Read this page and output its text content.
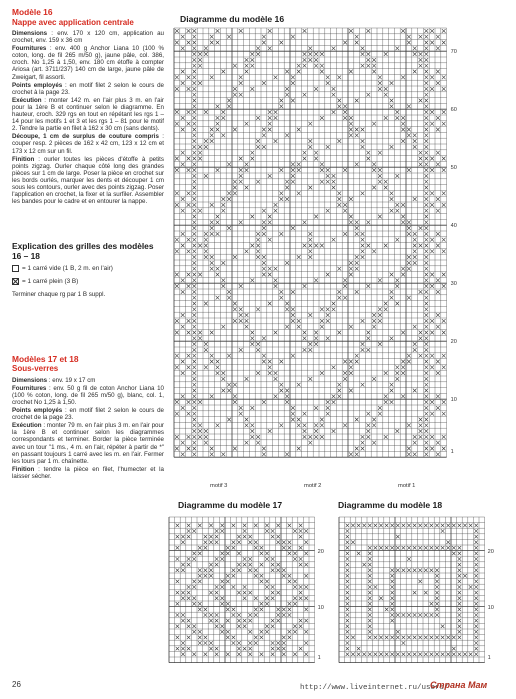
Modèle 16
Nappe avec application centrale

Dimensions : env. 170 x 120 cm, application au crochet, env. 159 x 36 cm

Fournitures : env. 400 g Anchor Liana 10 (100 % coton, long. de fil 265 m/50 g), jaune pâle, col. 386, croch. No 1,25 à 1,50, env. 180 cm étoffe à compter Ariosa (art. 3711/237) 140 cm de large, jaune pâle de Zweigart, fil assorti.

Points employés : en motif filet 2 selon le cours de crochet à la page 23.

Exécution : monter 142 m. en l'air plus 3 m. en l'air pour la 1ère B et continuer selon le diagramme. En hauteur, croch. 329 rgs en tout en répétant les rgs 1 – 14 pour les motifs 1 et 3 et les rgs 1 – 81 pour le motif 2. Tendre la partie en filet à 162 x 30 cm (sans dents).

Découpe, 1 cm de surplus de couture compris : couper resp. 2 pièces de 162 x 42 cm, 123 x 12 cm et 173 x 12 cm sur un fil.

Finition : ourler toutes les pièces d'étoffe à petits points zigzag. Ourler chaque côté long des grandes pièces sur 1 cm de large. Poser la pièce en crochet sur les bords ourlés, marquer les dents et découper 1 cm sous les contours, ourler avec des points zigzag. Poser l'application en crochet, la fixer et la surfiler. Assembler les bandes pour le cadre et en entourer la nappe.

Explication des grilles des modèles 16 – 18
= 1 carré vide (1 B, 2 m. en l'air)
= 1 carré plein (3 B)
Terminer chaque rg par 1 B suppl.
Modèles 17 et 18
Sous-verres

Dimensions : env. 19 x 17 cm

Fournitures : env. 50 g fil de coton Anchor Liana 10 (100 % coton, long. de fil 265 m/50 g), blanc, col. 1, crochet No 1,25 à 1,50.

Points employés : en motif filet 2 selon le cours de crochet de la page 23.

Exécution : monter 79 m. en l'air plus 3 m. en l'air pour la 1ère B et continuer selon les diagrammes correspondants et terminer. Border la pièce terminée avec un tour "1 ms., 4 m. en l'air, répéter à partir de *" en passant toujours 1 carré avec les m. en l'air. Fermer les tours par 1 m. chaînette.

Finition : tendre la pièce en filet, l'humecter et la laisser sécher.

Diagramme du modèle 16
70
60
50
40
30
20
10
1
motif 3	motif 2	motif 1
Diagramme du modèle 17
20
10
1
Diagramme du modèle 18
20
10
1
26	http://www.liveinternet.ru/users/
Страна Мам
